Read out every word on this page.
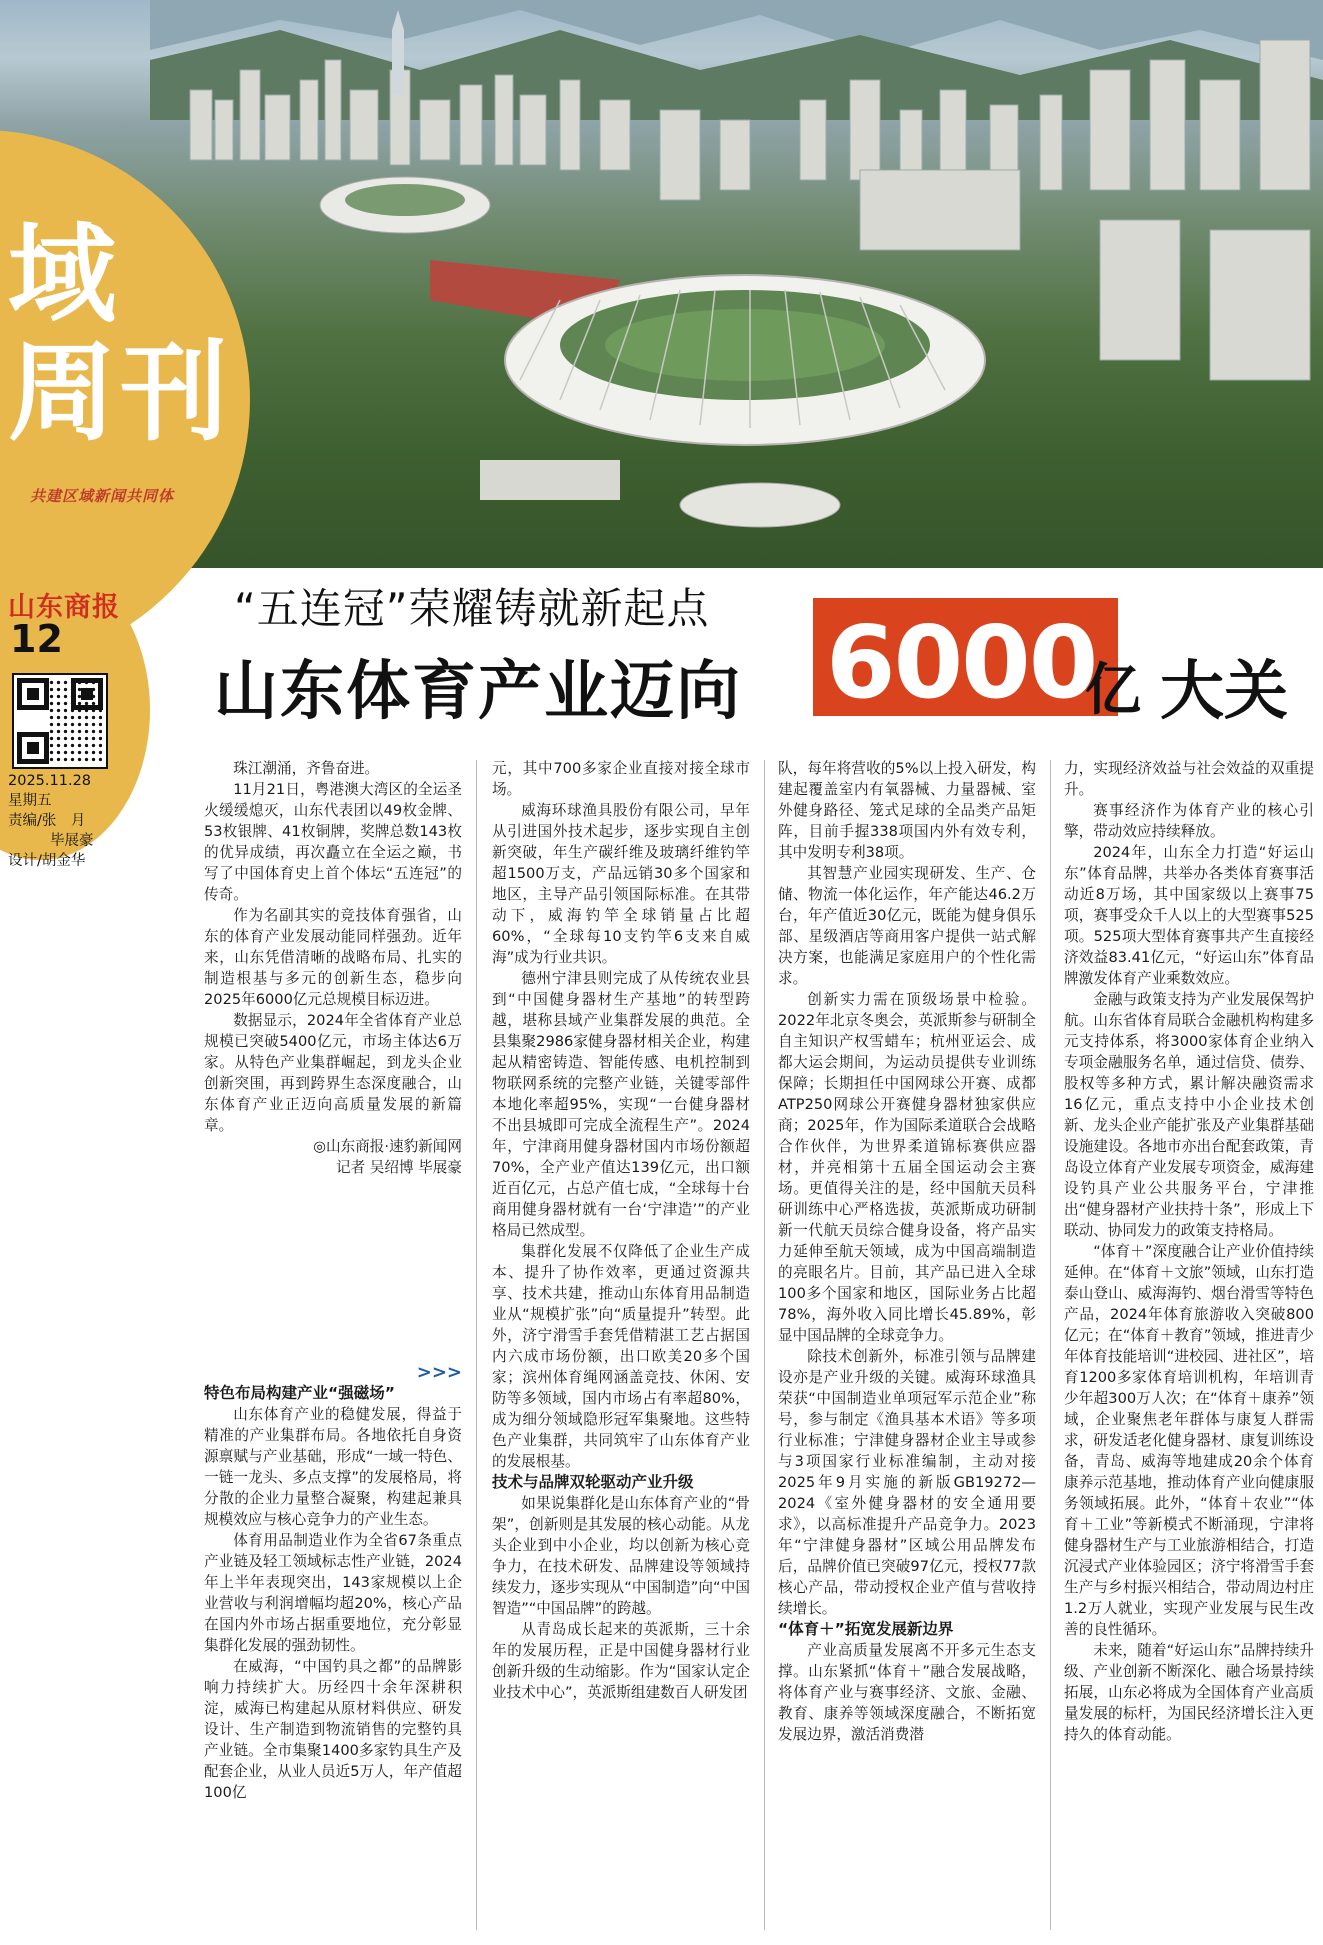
域
周刊
共建区域新闻共同体
山东商报
12
2025.11.28
星期五
责编/张　月
毕展豪
设计/胡金华
“五连冠”荣耀铸就新起点
山东体育产业迈向 6000
亿 大关

珠江潮涌，齐鲁奋进。

11月21日，粤港澳大湾区的全运圣火缓缓熄灭，山东代表团以49枚金牌、53枚银牌、41枚铜牌，奖牌总数143枚的优异成绩，再次矗立在全运之巅，书写了中国体育史上首个体坛“五连冠”的传奇。

作为名副其实的竞技体育强省，山东的体育产业发展动能同样强劲。近年来，山东凭借清晰的战略布局、扎实的制造根基与多元的创新生态，稳步向2025年6000亿元总规模目标迈进。

数据显示，2024年全省体育产业总规模已突破5400亿元，市场主体达6万家。从特色产业集群崛起，到龙头企业创新突围，再到跨界生态深度融合，山东体育产业正迈向高质量发展的新篇章。

◎山东商报·速豹新闻网

记者 吴绍博 毕展豪

>>>

特色布局构建产业“强磁场”

山东体育产业的稳健发展，得益于精准的产业集群布局。各地依托自身资源禀赋与产业基础，形成“一域一特色、一链一龙头、多点支撑”的发展格局，将分散的企业力量整合凝聚，构建起兼具规模效应与核心竞争力的产业生态。

体育用品制造业作为全省67条重点产业链及轻工领域标志性产业链，2024年上半年表现突出，143家规模以上企业营收与利润增幅均超20%，核心产品在国内外市场占据重要地位，充分彰显集群化发展的强劲韧性。

在威海，“中国钓具之都”的品牌影响力持续扩大。历经四十余年深耕积淀，威海已构建起从原材料供应、研发设计、生产制造到物流销售的完整钓具产业链。全市集聚1400多家钓具生产及配套企业，从业人员近5万人，年产值超100亿

元，其中700多家企业直接对接全球市场。

威海环球渔具股份有限公司，早年从引进国外技术起步，逐步实现自主创新突破，年生产碳纤维及玻璃纤维钓竿超1500万支，产品远销30多个国家和地区，主导产品引领国际标准。在其带动下，威海钓竿全球销量占比超60%，“全球每10支钓竿6支来自威海”成为行业共识。

德州宁津县则完成了从传统农业县到“中国健身器材生产基地”的转型跨越，堪称县域产业集群发展的典范。全县集聚2986家健身器材相关企业，构建起从精密铸造、智能传感、电机控制到物联网系统的完整产业链，关键零部件本地化率超95%，实现“一台健身器材不出县城即可完成全流程生产”。2024年，宁津商用健身器材国内市场份额超70%，全产业产值达139亿元，出口额近百亿元，占总产值七成，“全球每十台商用健身器材就有一台‘宁津造’”的产业格局已然成型。

集群化发展不仅降低了企业生产成本、提升了协作效率，更通过资源共享、技术共建，推动山东体育用品制造业从“规模扩张”向“质量提升”转型。此外，济宁滑雪手套凭借精湛工艺占据国内六成市场份额，出口欧美20多个国家；滨州体育绳网涵盖竞技、休闲、安防等多领域，国内市场占有率超80%，成为细分领域隐形冠军集聚地。这些特色产业集群，共同筑牢了山东体育产业的发展根基。

技术与品牌双轮驱动产业升级

如果说集群化是山东体育产业的“骨架”，创新则是其发展的核心动能。从龙头企业到中小企业，均以创新为核心竞争力，在技术研发、品牌建设等领域持续发力，逐步实现从“中国制造”向“中国智造”“中国品牌”的跨越。

从青岛成长起来的英派斯，三十余年的发展历程，正是中国健身器材行业创新升级的生动缩影。作为“国家认定企业技术中心”，英派斯组建数百人研发团

队，每年将营收的5%以上投入研发，构建起覆盖室内有氧器械、力量器械、室外健身路径、笼式足球的全品类产品矩阵，目前手握338项国内外有效专利，其中发明专利38项。

其智慧产业园实现研发、生产、仓储、物流一体化运作，年产能达46.2万台，年产值近30亿元，既能为健身俱乐部、星级酒店等商用客户提供一站式解决方案，也能满足家庭用户的个性化需求。

创新实力需在顶级场景中检验。2022年北京冬奥会，英派斯参与研制全自主知识产权雪蜡车；杭州亚运会、成都大运会期间，为运动员提供专业训练保障；长期担任中国网球公开赛、成都ATP250网球公开赛健身器材独家供应商；2025年，作为国际柔道联合会战略合作伙伴，为世界柔道锦标赛供应器材，并亮相第十五届全国运动会主赛场。更值得关注的是，经中国航天员科研训练中心严格选拔，英派斯成功研制新一代航天员综合健身设备，将产品实力延伸至航天领域，成为中国高端制造的亮眼名片。目前，其产品已进入全球100多个国家和地区，国际业务占比超78%，海外收入同比增长45.89%，彰显中国品牌的全球竞争力。

除技术创新外，标准引领与品牌建设亦是产业升级的关键。威海环球渔具荣获“中国制造业单项冠军示范企业”称号，参与制定《渔具基本术语》等多项行业标准；宁津健身器材企业主导或参与3项国家行业标准编制，主动对接2025年9月实施的新版GB19272—2024《室外健身器材的安全通用要求》，以高标准提升产品竞争力。2023年“宁津健身器材”区域公用品牌发布后，品牌价值已突破97亿元，授权77款核心产品，带动授权企业产值与营收持续增长。

“体育＋”拓宽发展新边界

产业高质量发展离不开多元生态支撑。山东紧抓“体育＋”融合发展战略，将体育产业与赛事经济、文旅、金融、教育、康养等领域深度融合，不断拓宽发展边界，激活消费潜

力，实现经济效益与社会效益的双重提升。

赛事经济作为体育产业的核心引擎，带动效应持续释放。

2024年，山东全力打造“好运山东”体育品牌，共举办各类体育赛事活动近8万场，其中国家级以上赛事75项，赛事受众千人以上的大型赛事525项。525项大型体育赛事共产生直接经济效益83.41亿元，“好运山东”体育品牌激发体育产业乘数效应。

金融与政策支持为产业发展保驾护航。山东省体育局联合金融机构构建多元支持体系，将3000家体育企业纳入专项金融服务名单，通过信贷、债券、股权等多种方式，累计解决融资需求16亿元，重点支持中小企业技术创新、龙头企业产能扩张及产业集群基础设施建设。各地市亦出台配套政策，青岛设立体育产业发展专项资金，威海建设钓具产业公共服务平台，宁津推出“健身器材产业扶持十条”，形成上下联动、协同发力的政策支持格局。

“体育＋”深度融合让产业价值持续延伸。在“体育＋文旅”领域，山东打造泰山登山、威海海钓、烟台滑雪等特色产品，2024年体育旅游收入突破800亿元；在“体育＋教育”领域，推进青少年体育技能培训“进校园、进社区”，培育1200多家体育培训机构，年培训青少年超300万人次；在“体育＋康养”领域，企业聚焦老年群体与康复人群需求，研发适老化健身器材、康复训练设备，青岛、威海等地建成20余个体育康养示范基地，推动体育产业向健康服务领域拓展。此外，“体育＋农业”“体育＋工业”等新模式不断涌现，宁津将健身器材生产与工业旅游相结合，打造沉浸式产业体验园区；济宁将滑雪手套生产与乡村振兴相结合，带动周边村庄1.2万人就业，实现产业发展与民生改善的良性循环。

未来，随着“好运山东”品牌持续升级、产业创新不断深化、融合场景持续拓展，山东必将成为全国体育产业高质量发展的标杆，为国民经济增长注入更持久的体育动能。
